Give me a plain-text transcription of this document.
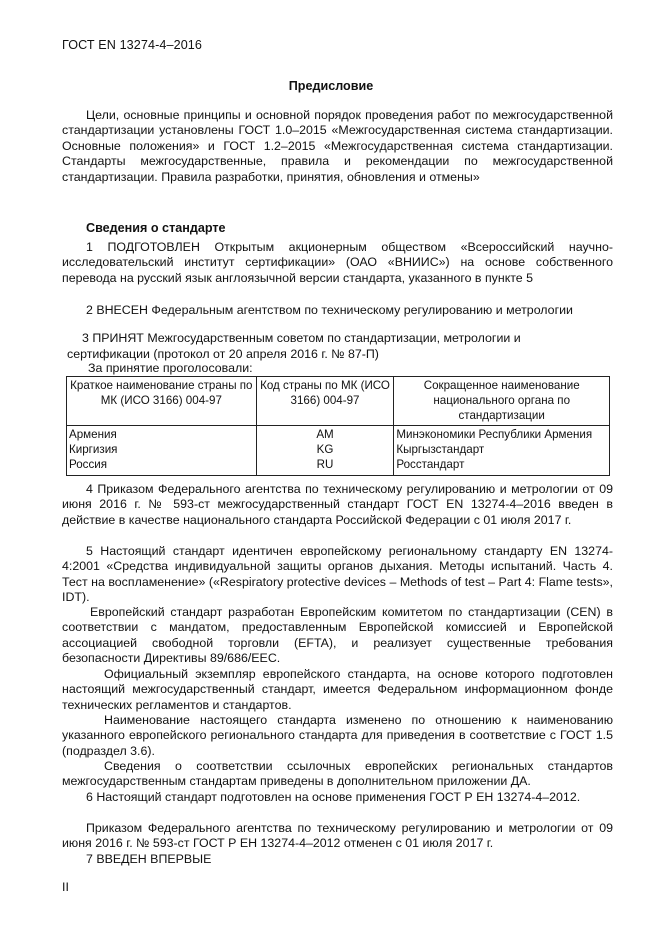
ГОСТ EN 13274-4–2016
Предисловие

Цели, основные принципы и основной порядок проведения работ по межгосударственной стандартизации установлены ГОСТ 1.0–2015 «Межгосударственная система стандартизации. Основные положения» и ГОСТ 1.2–2015 «Межгосударственная система стандартизации. Стандарты межгосударственные, правила и рекомендации по межгосударственной стандартизации. Правила разработки, принятия, обновления и отмены»

Сведения о стандарте

1 ПОДГОТОВЛЕН Открытым акционерным обществом «Всероссийский научно-исследовательский институт сертификации» (ОАО «ВНИИС») на основе собственного перевода на русский язык англоязычной версии стандарта, указанного в пункте 5

2 ВНЕСЕН Федеральным агентством по техническому регулированию и метрологии

3 ПРИНЯТ Межгосударственным советом по стандартизации, метрологии и

сертификации (протокол от 20 апреля 2016 г. № 87-П)

За принятие проголосовали:

Краткое наименование страны по МК (ИСО 3166) 004-97	Код страны по МК (ИСО 3166) 004-97	Сокращенное наименование национального органа по стандартизации
Армения	AM	Минэкономики Республики Армения
Киргизия	KG	Кыргызстандарт
Россия	RU	Росстандарт

4 Приказом Федерального агентства по техническому регулированию и метрологии от 09 июня 2016 г. № 593-ст межгосударственный стандарт ГОСТ EN 13274-4–2016 введен в действие в качестве национального стандарта Российской Федерации с 01 июля 2017 г.

5 Настоящий стандарт идентичен европейскому региональному стандарту EN 13274-4:2001 «Средства индивидуальной защиты органов дыхания. Методы испытаний. Часть 4. Тест на воспламенение» («Respiratory protective devices – Methods of test – Part 4: Flame tests», IDT).

Европейский стандарт разработан Европейским комитетом по стандартизации (CEN) в соответствии с мандатом, предоставленным Европейской комиссией и Европейской ассоциацией свободной торговли (EFTA), и реализует существенные требования безопасности Директивы 89/686/ЕЕС.

Официальный экземпляр европейского стандарта, на основе которого подготовлен настоящий межгосударственный стандарт, имеется Федеральном информационном фонде технических регламентов и стандартов.

Наименование настоящего стандарта изменено по отношению к наименованию указанного европейского регионального стандарта для приведения в соответствие с ГОСТ 1.5 (подраздел 3.6).

Сведения о соответствии ссылочных европейских региональных стандартов межгосударственным стандартам приведены в дополнительном приложении ДА.

6 Настоящий стандарт подготовлен на основе применения ГОСТ Р ЕН 13274-4–2012.

Приказом Федерального агентства по техническому регулированию и метрологии от 09 июня 2016 г. № 593-ст ГОСТ Р ЕН 13274-4–2012 отменен с 01 июля 2017 г.

7 ВВЕДЕН ВПЕРВЫЕ

II
